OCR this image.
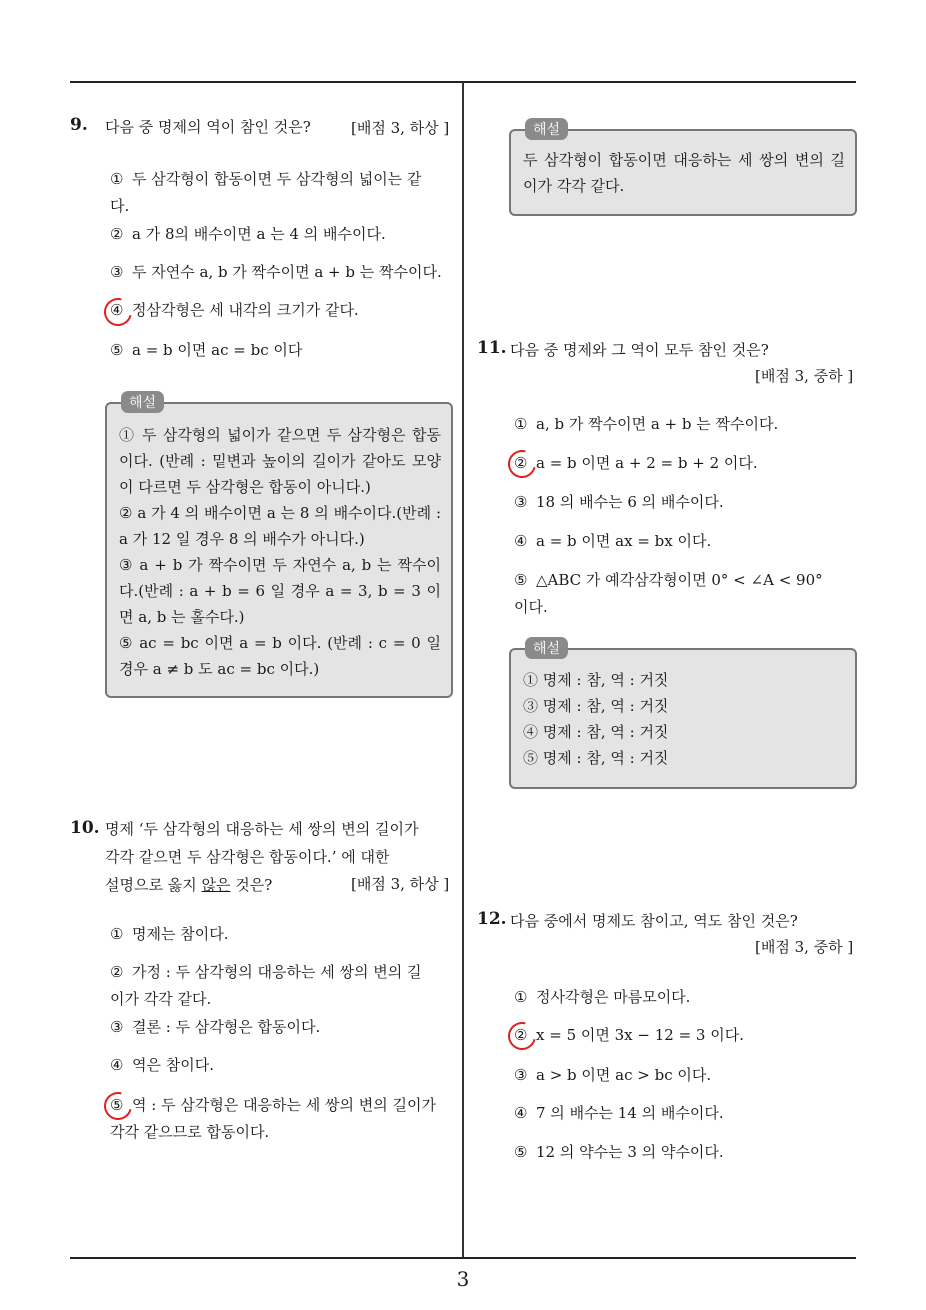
9. 다음 중 명제의 역이 참인 것은?	[배점 3, 하상 ]
① 두 삼각형이 합동이면 두 삼각형의 넓이는 같다.
② a 가 8의 배수이면 a 는 4 의 배수이다.
③ 두 자연수 a, b 가 짝수이면 a + b 는 짝수이다.
④ 정삼각형은 세 내각의 크기가 같다.
⑤ a = b 이면 ac = bc 이다
해설

① 두 삼각형의 넓이가 같으면 두 삼각형은 합동이다. (반례 : 밑변과 높이의 길이가 같아도 모양이 다르면 두 삼각형은 합동이 아니다.)

② a 가 4 의 배수이면 a 는 8 의 배수이다.(반례 : a 가 12 일 경우 8 의 배수가 아니다.)

③ a + b 가 짝수이면 두 자연수 a, b 는 짝수이다.(반례 : a + b = 6 일 경우 a = 3, b = 3 이면 a, b 는 홀수다.)

⑤ ac = bc 이면 a = b 이다. (반례 : c = 0 일 경우 a ≠ b 도 ac = bc 이다.)

10. 명제 ‘두 삼각형의 대응하는 세 쌍의 변의 길이가
각각 같으면 두 삼각형은 합동이다.’ 에 대한
설명으로 옳지 않은 것은?	[배점 3, 하상 ]
① 명제는 참이다.
② 가정 : 두 삼각형의 대응하는 세 쌍의 변의 길이가 각각 같다.
③ 결론 : 두 삼각형은 합동이다.
④ 역은 참이다.
⑤ 역 : 두 삼각형은 대응하는 세 쌍의 변의 길이가 각각 같으므로 합동이다.
해설
두 삼각형이 합동이면 대응하는 세 쌍의 변의 길이가 각각 같다.
11. 다음 중 명제와 그 역이 모두 참인 것은?
[배점 3, 중하 ]
① a, b 가 짝수이면 a + b 는 짝수이다.
② a = b 이면 a + 2 = b + 2 이다.
③ 18 의 배수는 6 의 배수이다.
④ a = b 이면 ax = bx 이다.
⑤ △ABC 가 예각삼각형이면 0° < ∠A < 90° 이다.
해설

① 명제 : 참, 역 : 거짓

③ 명제 : 참, 역 : 거짓

④ 명제 : 참, 역 : 거짓

⑤ 명제 : 참, 역 : 거짓

12. 다음 중에서 명제도 참이고, 역도 참인 것은?
[배점 3, 중하 ]
① 정사각형은 마름모이다.
② x = 5 이면 3x − 12 = 3 이다.
③ a > b 이면 ac > bc 이다.
④ 7 의 배수는 14 의 배수이다.
⑤ 12 의 약수는 3 의 약수이다.
3
